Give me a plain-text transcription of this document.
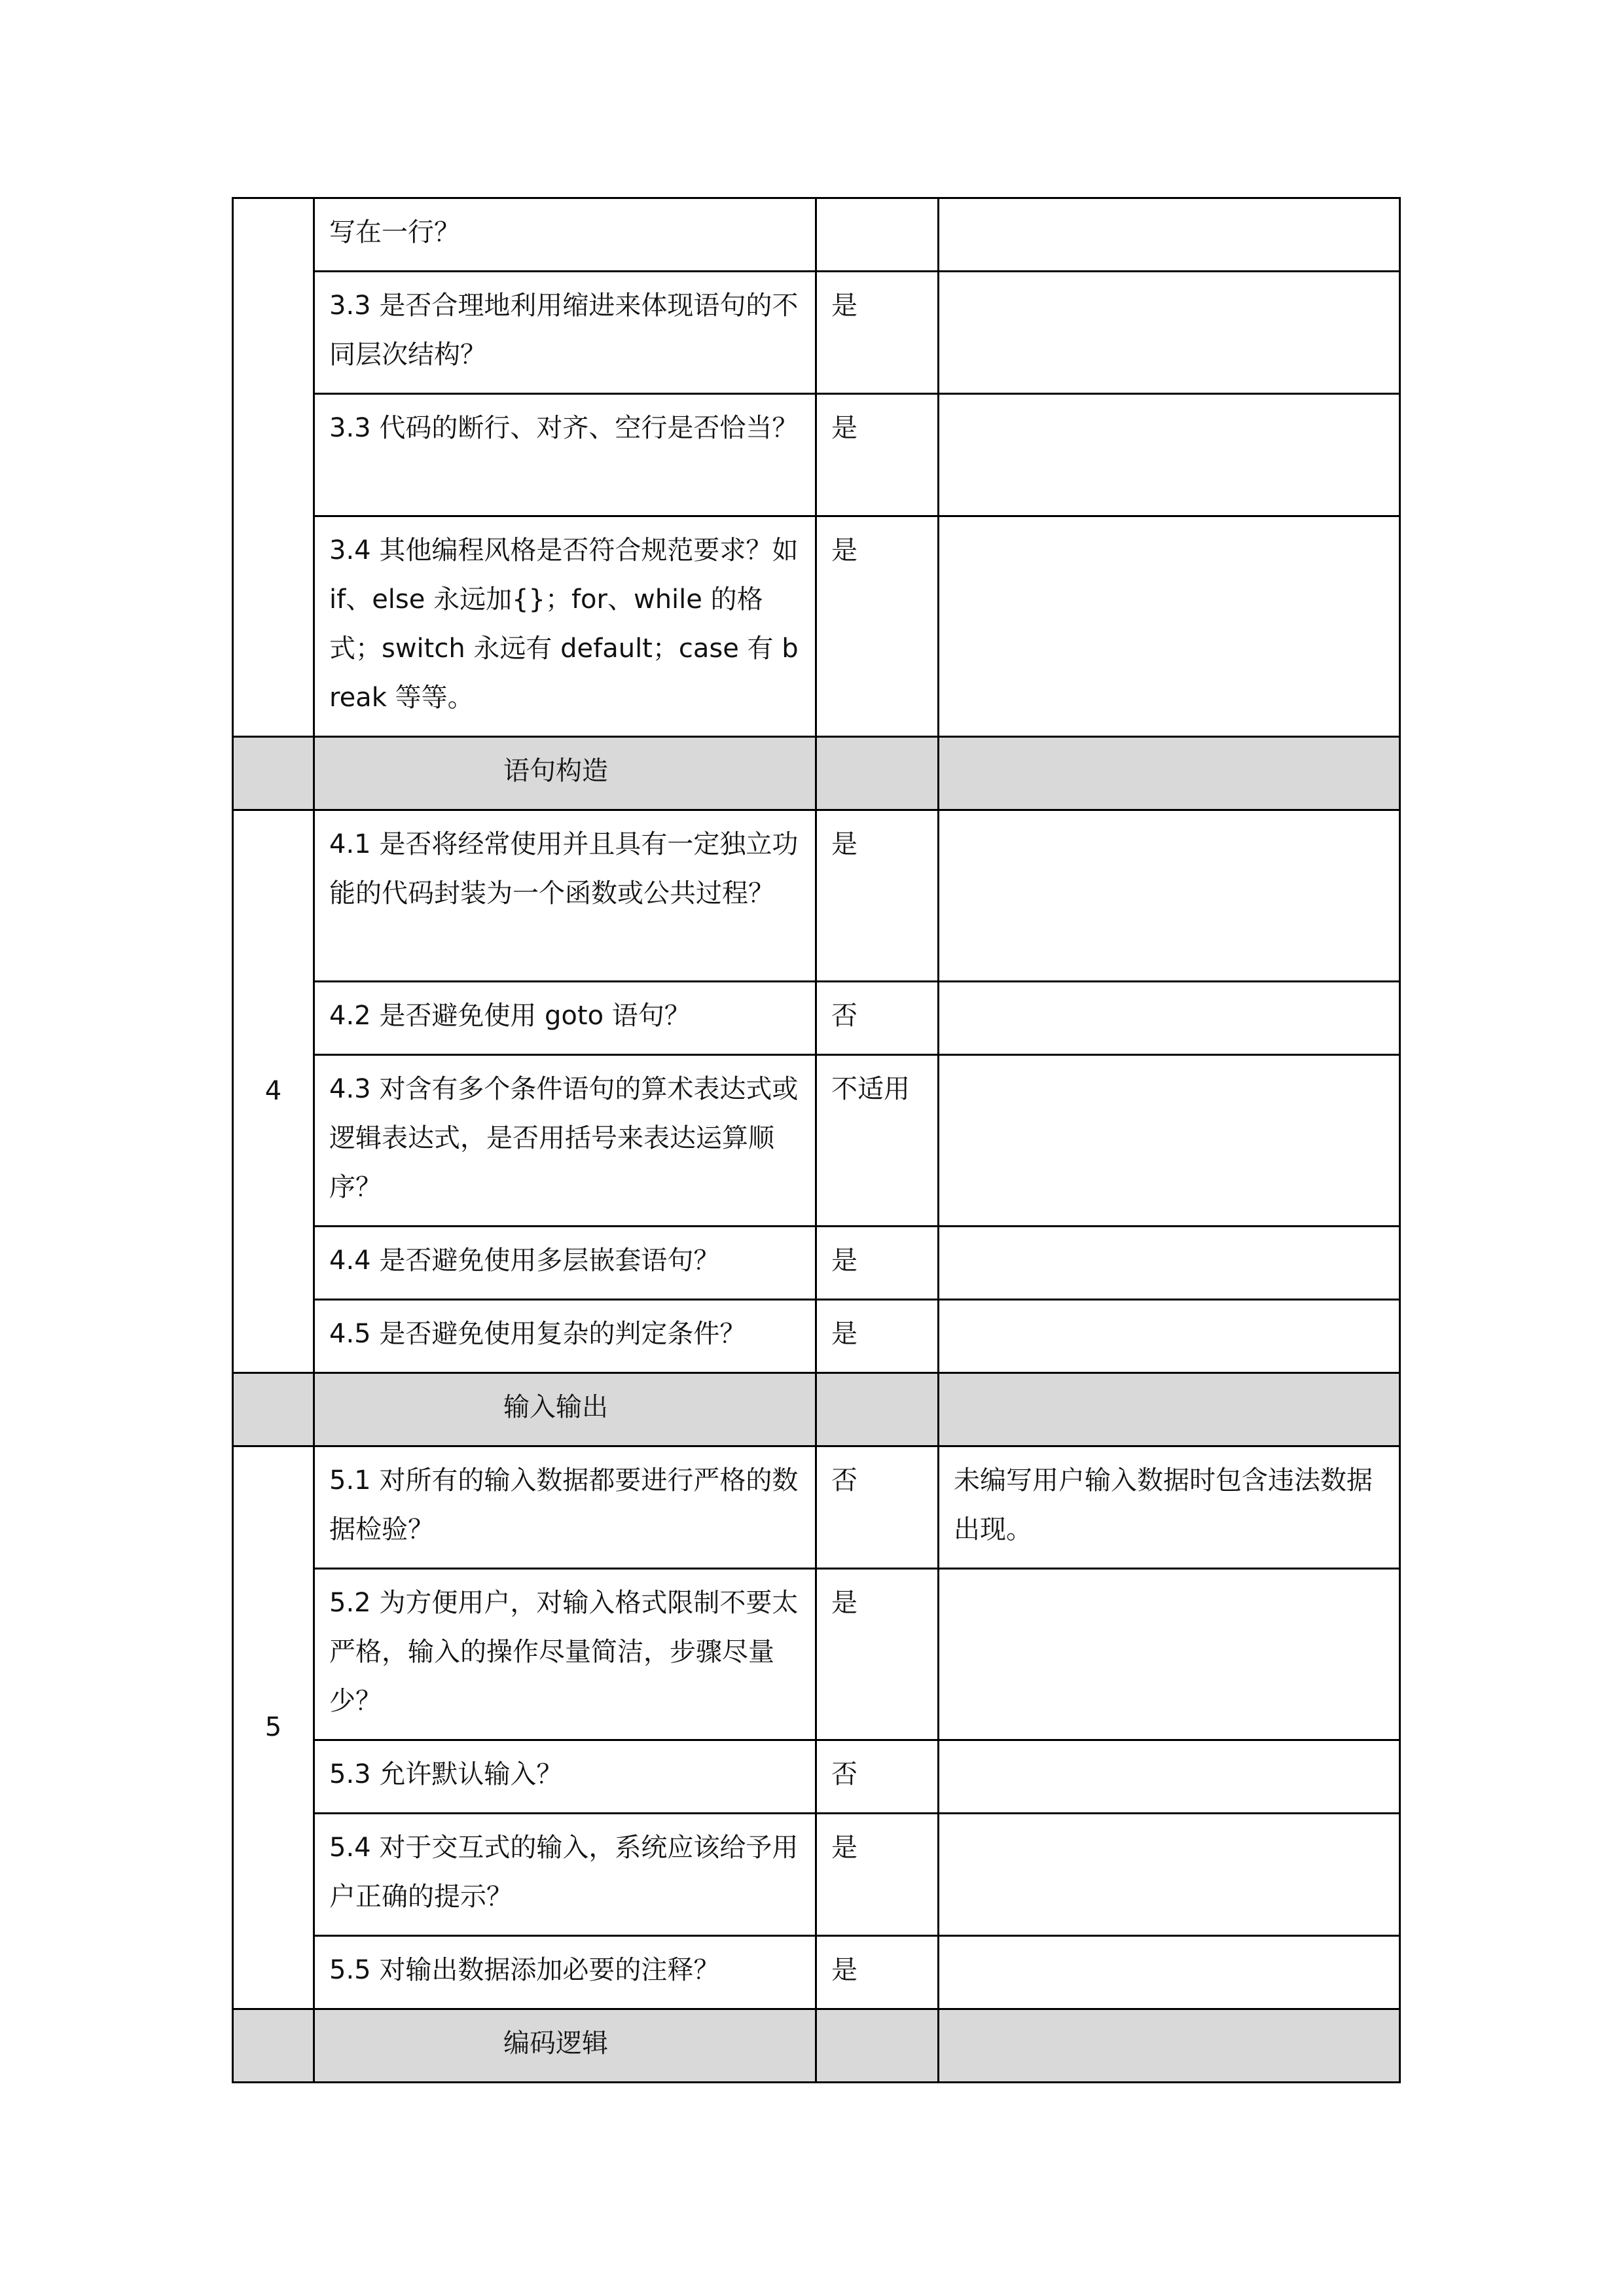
	写在一行？		
	3.3 是否合理地利用缩进来体现语句的不同层次结构？	是	
	3.3 代码的断行、对齐、空行是否恰当？	是	
	3.4 其他编程风格是否符合规范要求？如 if、else 永远加{}；for、while 的格式；switch 永远有 default；case 有 break 等等。	是	
	语句构造		
4	4.1 是否将经常使用并且具有一定独立功能的代码封装为一个函数或公共过程？	是	
	4.2 是否避免使用 goto 语句？	否	
	4.3 对含有多个条件语句的算术表达式或逻辑表达式，是否用括号来表达运算顺序？	不适用	
	4.4 是否避免使用多层嵌套语句？	是	
	4.5 是否避免使用复杂的判定条件？	是	
	输入输出		
5	5.1 对所有的输入数据都要进行严格的数据检验？	否	未编写用户输入数据时包含违法数据出现。
	5.2 为方便用户，对输入格式限制不要太严格，输入的操作尽量简洁，步骤尽量少？	是	
	5.3 允许默认输入？	否	
	5.4 对于交互式的输入，系统应该给予用户正确的提示？	是	
	5.5 对输出数据添加必要的注释？	是	
	编码逻辑		
